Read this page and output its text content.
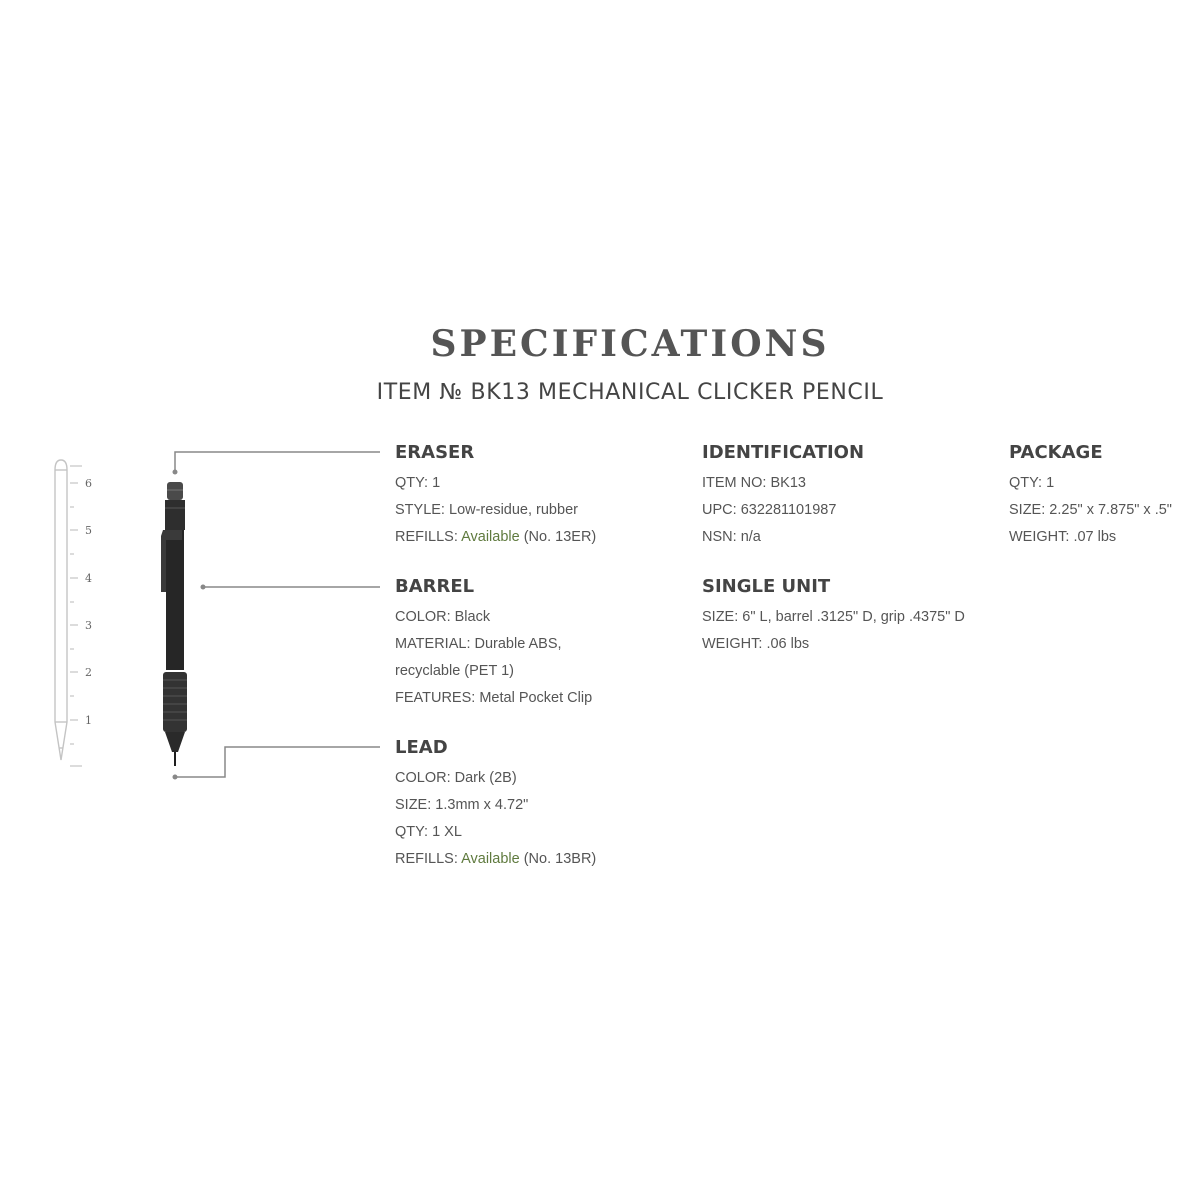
SPECIFICATIONS
ITEM № BK13 MECHANICAL CLICKER PENCIL
6
5
4
3
2
1
ERASER
QTY: 1
STYLE: Low-residue, rubber
REFILLS: Available (No. 13ER)
BARREL
COLOR: Black
MATERIAL: Durable ABS,
recyclable (PET 1)
FEATURES: Metal Pocket Clip
LEAD
COLOR: Dark (2B)
SIZE: 1.3mm x 4.72"
QTY: 1 XL
REFILLS: Available (No. 13BR)
IDENTIFICATION
ITEM NO: BK13
UPC: 632281101987
NSN: n/a
SINGLE UNIT
SIZE: 6" L, barrel .3125" D, grip .4375" D
WEIGHT: .06 lbs
PACKAGE
QTY: 1
SIZE: 2.25" x 7.875" x .5"
WEIGHT: .07 lbs
